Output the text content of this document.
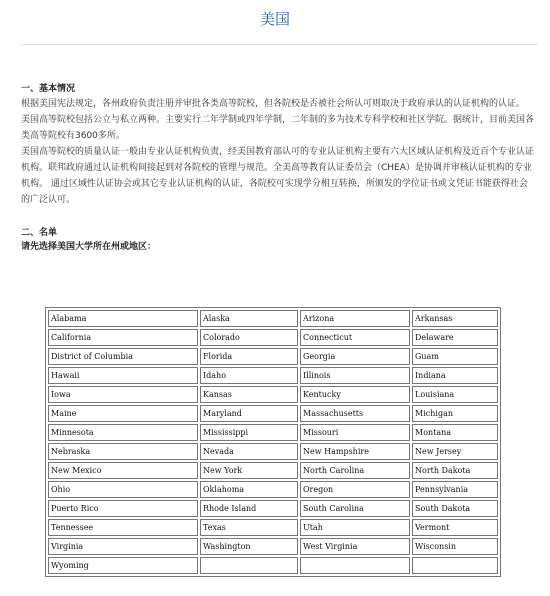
美国

一、基本情况

根据美国宪法规定，各州政府负责注册并审批各类高等院校，但各院校是否被社会所认可则取决于政府承认的认证机构的认证。

美国高等院校包括公立与私立两种。主要实行二年学制或四年学制，二年制的多为技术专科学校和社区学院。据统计，目前美国各类高等院校有3600多所。

美国高等院校的质量认证一般由专业认证机构负责，经美国教育部认可的专业认证机构主要有六大区域认证机构及近百个专业认证机构。联邦政府通过认证机构间接起到对各院校的管理与规范。全美高等教育认证委员会（CHEA）是协调并审核认证机构的专业机构。 通过区域性认证协会或其它专业认证机构的认证，各院校可实现学分相互转换，所颁发的学位证书或文凭证书能获得社会的广泛认可。

二、名单

请先选择美国大学所在州或地区：

Alabama	Alaska	Arizona	Arkansas
California	Colorado	Connecticut	Delaware
District of Columbia	Florida	Georgia	Guam
Hawaii	Idaho	Illinois	Indiana
Iowa	Kansas	Kentucky	Louisiana
Maine	Maryland	Massachusetts	Michigan
Minnesota	Mississippi	Missouri	Montana
Nebraska	Nevada	New Hampshire	New Jersey
New Mexico	New York	North Carolina	North Dakota
Ohio	Oklahoma	Oregon	Pennsylvania
Puerto Rico	Rhode Island	South Carolina	South Dakota
Tennessee	Texas	Utah	Vermont
Virginia	Washington	West Virginia	Wisconsin
Wyoming			
